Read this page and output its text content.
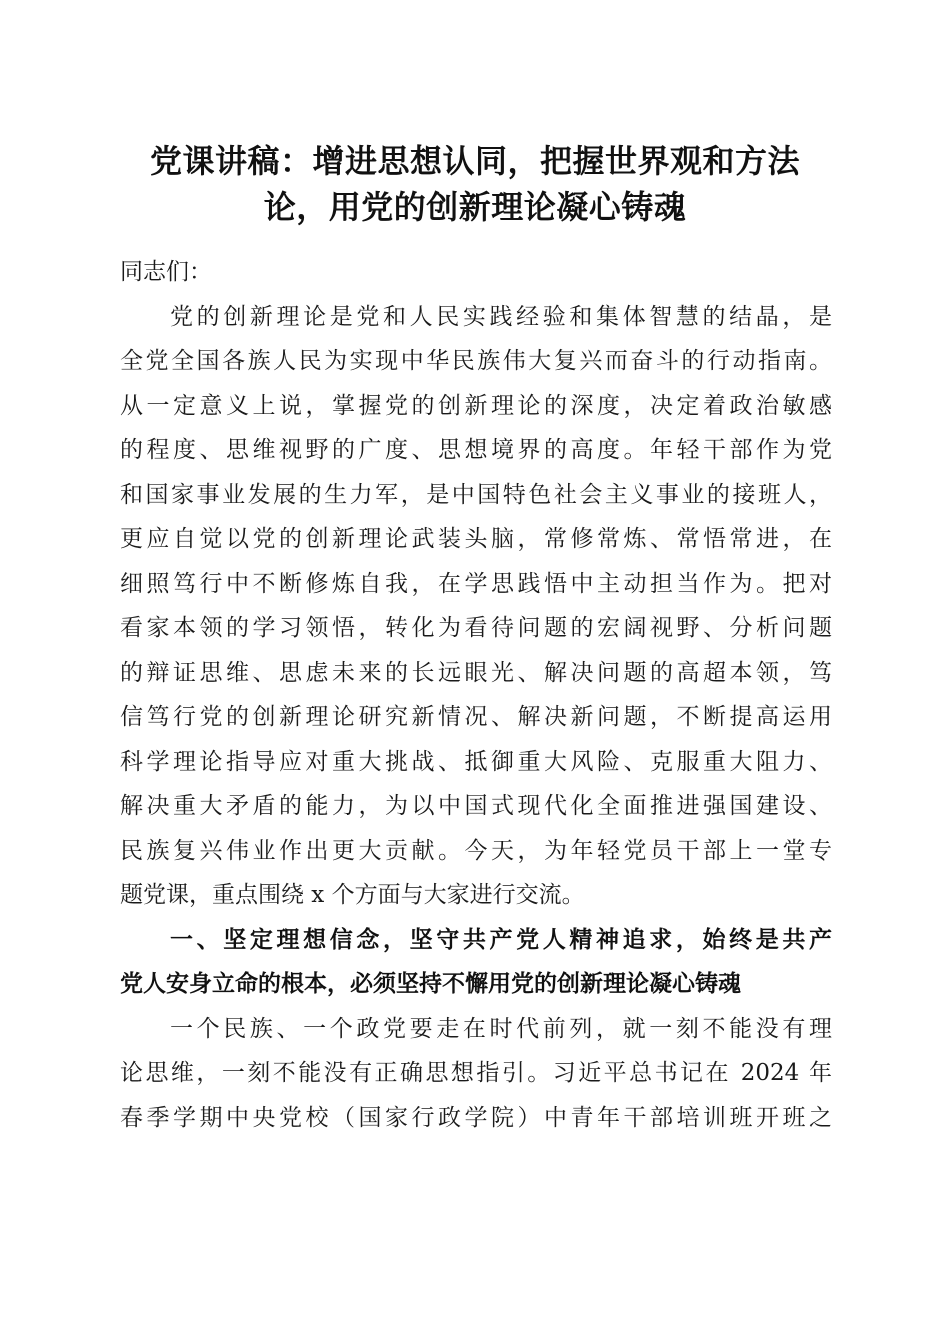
党课讲稿：增进思想认同，把握世界观和方法
论，用党的创新理论凝心铸魂
同志们：
党的创新理论是党和人民实践经验和集体智慧的结晶，是
全党全国各族人民为实现中华民族伟大复兴而奋斗的行动指南。
从一定意义上说，掌握党的创新理论的深度，决定着政治敏感
的程度、思维视野的广度、思想境界的高度。年轻干部作为党
和国家事业发展的生力军，是中国特色社会主义事业的接班人，
更应自觉以党的创新理论武装头脑，常修常炼、常悟常进，在
细照笃行中不断修炼自我，在学思践悟中主动担当作为。把对
看家本领的学习领悟，转化为看待问题的宏阔视野、分析问题
的辩证思维、思虑未来的长远眼光、解决问题的高超本领，笃
信笃行党的创新理论研究新情况、解决新问题，不断提高运用
科学理论指导应对重大挑战、抵御重大风险、克服重大阻力、
解决重大矛盾的能力，为以中国式现代化全面推进强国建设、
民族复兴伟业作出更大贡献。今天，为年轻党员干部上一堂专
题党课，重点围绕 x 个方面与大家进行交流。
一、坚定理想信念，坚守共产党人精神追求，始终是共产
党人安身立命的根本，必须坚持不懈用党的创新理论凝心铸魂
一个民族、一个政党要走在时代前列，就一刻不能没有理
论思维，一刻不能没有正确思想指引。习近平总书记在 2024 年
春季学期中央党校（国家行政学院）中青年干部培训班开班之
